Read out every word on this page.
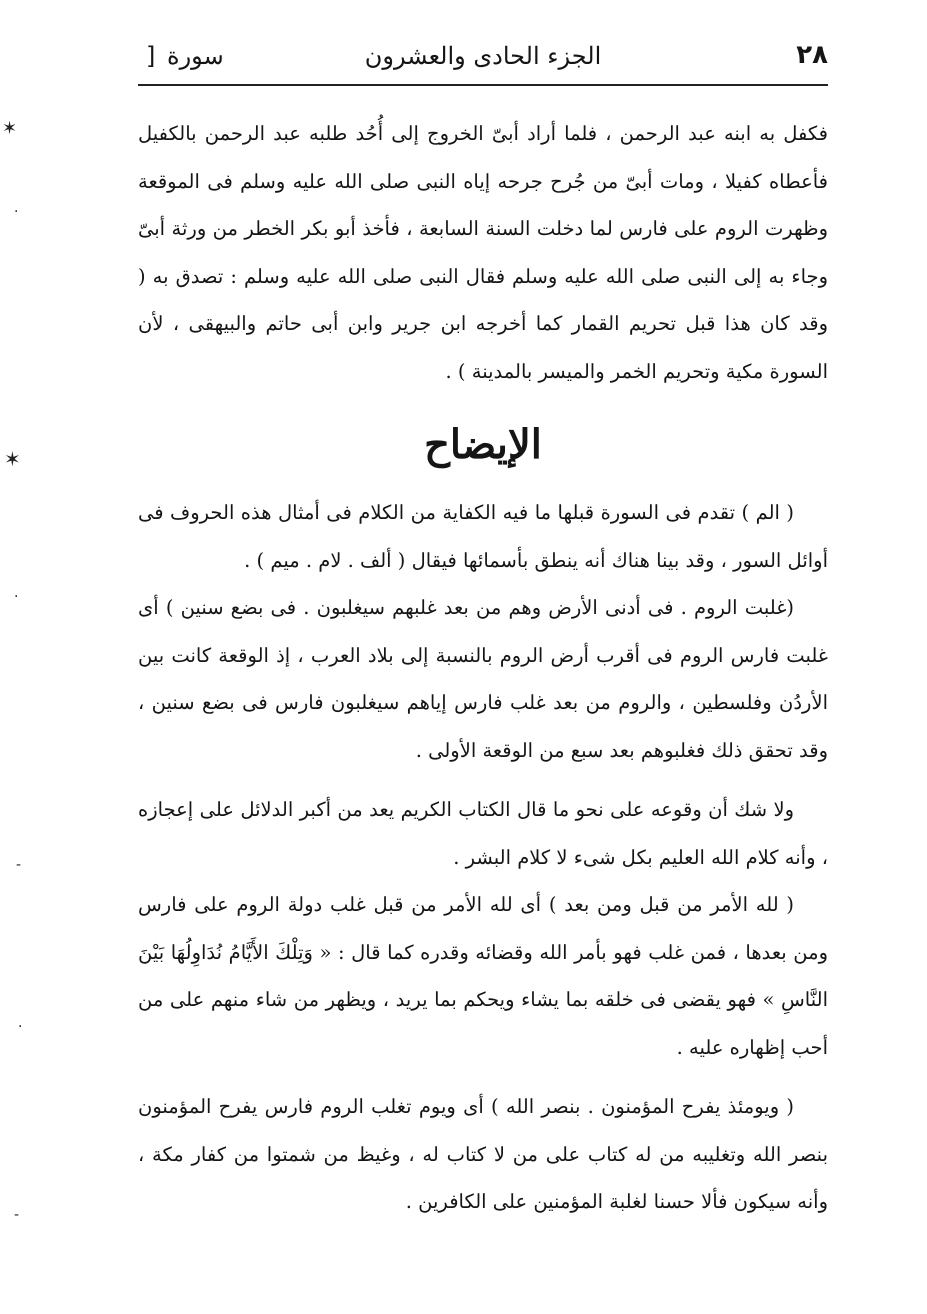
٢٨
الجزء الحادى والعشرون
سورة [

فكفل به ابنه عبد الرحمن ، فلما أراد أبىّ الخروج إلى أُحُد طلبه عبد الرحمن بالكفيل فأعطاه كفيلا ، ومات أبىّ من جُرح جرحه إياه النبى صلى الله عليه وسلم فى الموقعة وظهرت الروم على فارس لما دخلت السنة السابعة ، فأخذ أبو بكر الخطر من ورثة أبىّ وجاء به إلى النبى صلى الله عليه وسلم فقال النبى صلى الله عليه وسلم : تصدق به ( وقد كان هذا قبل تحريم القمار كما أخرجه ابن جرير وابن أبى حاتم والبيهقى ، لأن السورة مكية وتحريم الخمر والميسر بالمدينة ) .

الإيضاح

( الم ) تقدم فى السورة قبلها ما فيه الكفاية من الكلام فى أمثال هذه الحروف فى أوائل السور ، وقد بينا هناك أنه ينطق بأسمائها فيقال ( ألف . لام . ميم ) .

(غلبت الروم . فى أدنى الأرض وهم من بعد غلبهم سيغلبون . فى بضع سنين ) أى غلبت فارس الروم فى أقرب أرض الروم بالنسبة إلى بلاد العرب ، إذ الوقعة كانت بين الأردُن وفلسطين ، والروم من بعد غلب فارس إياهم سيغلبون فارس فى بضع سنين ، وقد تحقق ذلك فغلبوهم بعد سبع من الوقعة الأولى .

ولا شك أن وقوعه على نحو ما قال الكتاب الكريم يعد من أكبر الدلائل على إعجازه ، وأنه كلام الله العليم بكل شىء لا كلام البشر .

( لله الأمر من قبل ومن بعد ) أى لله الأمر من قبل غلب دولة الروم على فارس ومن بعدها ، فمن غلب فهو بأمر الله وقضائه وقدره كما قال : « وَتِلْكَ الأَيَّامُ نُدَاوِلُهَا بَيْنَ النَّاسِ » فهو يقضى فى خلقه بما يشاء ويحكم بما يريد ، ويظهر من شاء منهم على من أحب إظهاره عليه .

( ويومئذ يفرح المؤمنون . بنصر الله ) أى ويوم تغلب الروم فارس يفرح المؤمنون بنصر الله وتغليبه من له كتاب على من لا كتاب له ، وغيظ من شمتوا من كفار مكة ، وأنه سيكون فألا حسنا لغلبة المؤمنين على الكافرين .

✶
✶
·
·
-
·
-
